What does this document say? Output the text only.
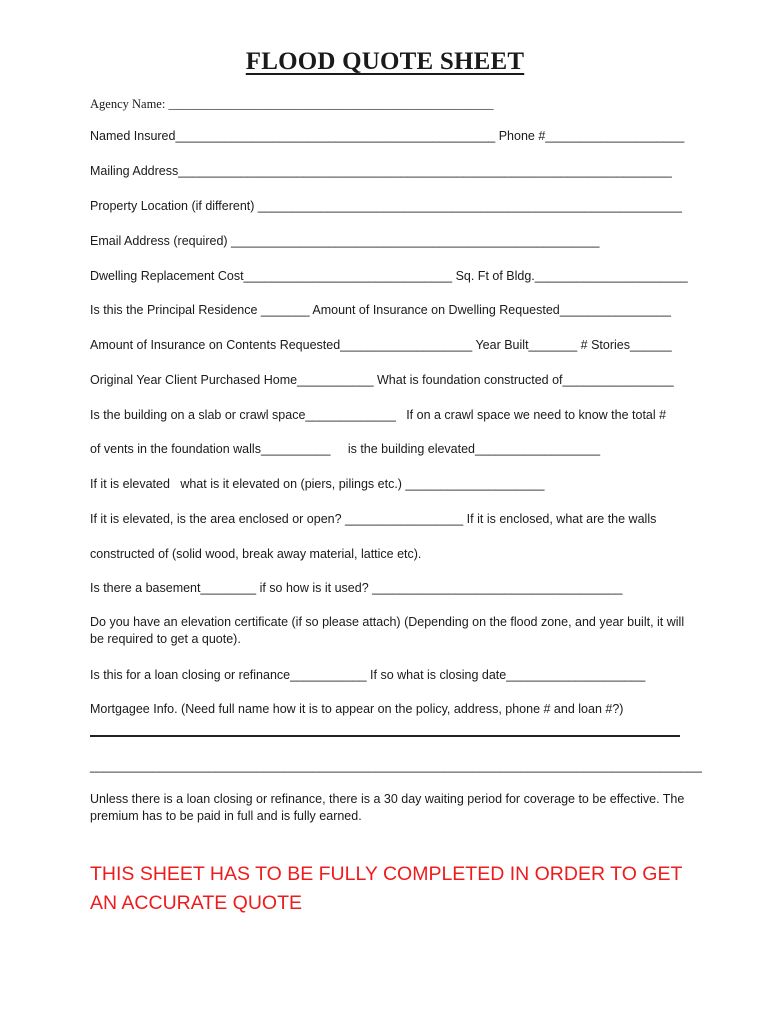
FLOOD QUOTE SHEET
Agency Name: ____________________________________________________
Named Insured______________________________________________ Phone #____________________
Mailing Address_______________________________________________________________________
Property Location (if different) _____________________________________________________________
Email Address (required) _____________________________________________________
Dwelling Replacement Cost______________________________ Sq. Ft of Bldg.______________________
Is this the Principal Residence _______ Amount of Insurance on Dwelling Requested________________
Amount of Insurance on Contents Requested___________________ Year Built_______ # Stories______
Original Year Client Purchased Home___________ What is foundation constructed of________________
Is the building on a slab or crawl space_____________   If on a crawl space we need to know the total #
of vents in the foundation walls__________     is the building elevated__________________
If it is elevated   what is it elevated on (piers, pilings etc.) ____________________
If it is elevated, is the area enclosed or open? _________________ If it is enclosed, what are the walls
constructed of (solid wood, break away material, lattice etc).
Is there a basement________ if so how is it used? ____________________________________
Do you have an elevation certificate (if so please attach) (Depending on the flood zone, and year built, it will be required to get a quote).
Is this for a loan closing or refinance___________ If so what is closing date____________________
Mortgagee Info. (Need full name how it is to appear on the policy, address, phone # and loan #?)
________________________________________________________________________________________
Unless there is a loan closing or refinance, there is a 30 day waiting period for coverage to be effective. The premium has to be paid in full and is fully earned.
THIS SHEET HAS TO BE FULLY COMPLETED IN ORDER TO GET AN ACCURATE QUOTE
